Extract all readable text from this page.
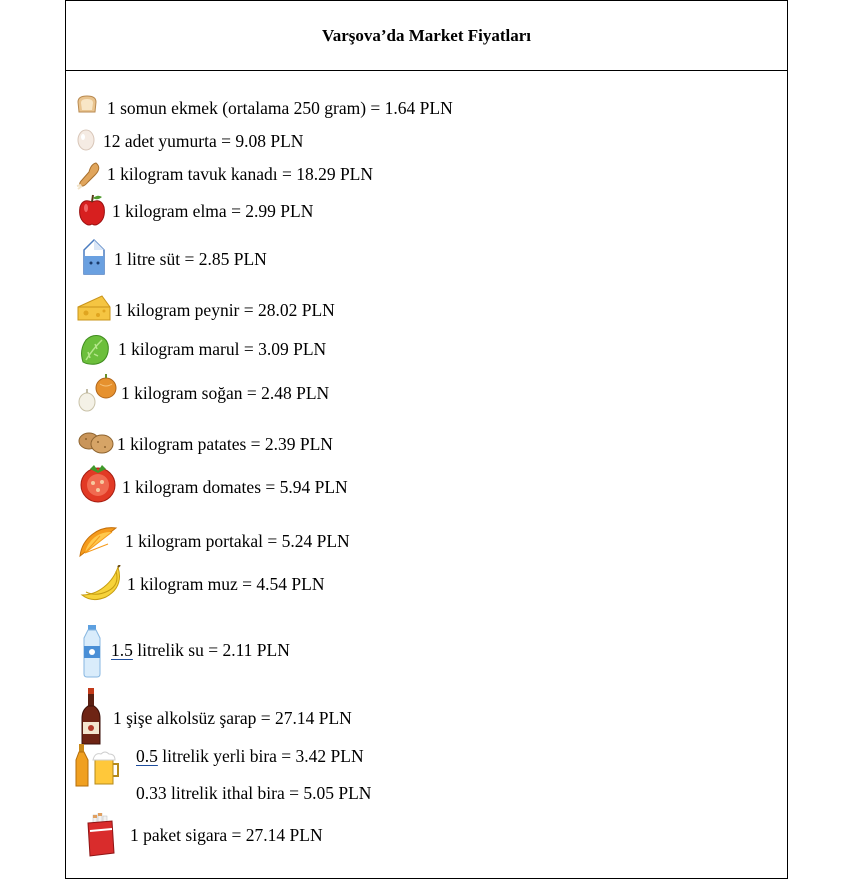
Varşova’da Market Fiyatları
1 somun ekmek (ortalama 250 gram) = 1.64 PLN
12 adet yumurta = 9.08 PLN
1 kilogram tavuk kanadı = 18.29 PLN
1 kilogram elma = 2.99 PLN
1 litre süt = 2.85 PLN
1 kilogram peynir = 28.02 PLN
1 kilogram marul = 3.09 PLN
1 kilogram soğan = 2.48 PLN
1 kilogram patates = 2.39 PLN
1 kilogram domates = 5.94 PLN
1 kilogram portakal = 5.24 PLN
1 kilogram muz = 4.54 PLN
1.5 litrelik su = 2.11 PLN
1 şişe alkolsüz şarap = 27.14 PLN
0.5 litrelik yerli bira = 3.42 PLN
0.33 litrelik ithal bira = 5.05 PLN
1 paket sigara = 27.14 PLN
